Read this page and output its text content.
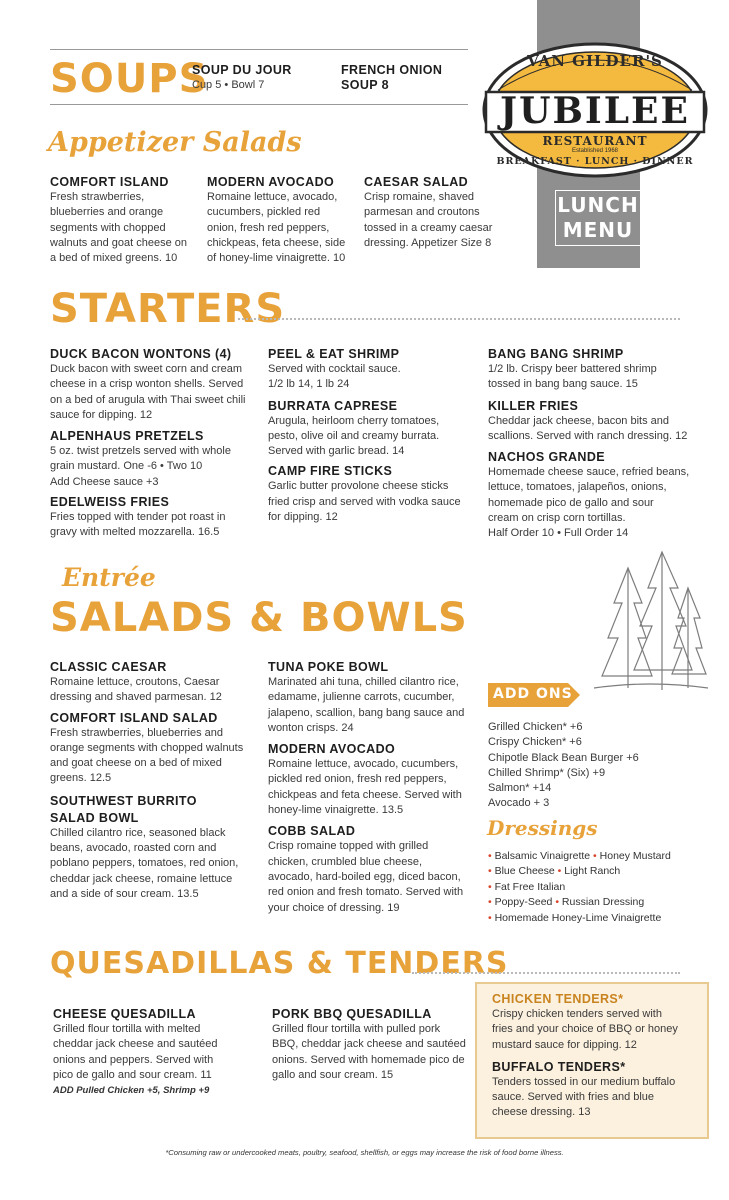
VAN GILDER'S
JUBILEE
RESTAURANT
Established 1968
BREAKFAST · LUNCH · DINNER
LUNCH
MENU
SOUPS
SOUP DU JOUR
Cup 5 • Bowl 7
FRENCH ONION
SOUP 8
Appetizer Salads
COMFORT ISLAND
Fresh strawberries,
blueberries and orange
segments with chopped
walnuts and goat cheese on
a bed of mixed greens. 10
MODERN AVOCADO
Romaine lettuce, avocado,
cucumbers, pickled red
onion, fresh red peppers,
chickpeas, feta cheese, side
of honey-lime vinaigrette. 10
CAESAR SALAD
Crisp romaine, shaved
parmesan and croutons
tossed in a creamy caesar
dressing. Appetizer Size 8
STARTERS
DUCK BACON WONTONS (4)
Duck bacon with sweet corn and cream
cheese in a crisp wonton shells. Served
on a bed of arugula with Thai sweet chili
sauce for dipping. 12
ALPENHAUS PRETZELS
5 oz. twist pretzels served with whole
grain mustard. One -6 • Two 10
Add Cheese sauce +3
EDELWEISS FRIES
Fries topped with tender pot roast in
gravy with melted mozzarella. 16.5
PEEL & EAT SHRIMP
Served with cocktail sauce.
1/2 lb 14, 1 lb 24
BURRATA CAPRESE
Arugula, heirloom cherry tomatoes,
pesto, olive oil and creamy burrata.
Served with garlic bread. 14
CAMP FIRE STICKS
Garlic butter provolone cheese sticks
fried crisp and served with vodka sauce
for dipping. 12
BANG BANG SHRIMP
1/2 lb. Crispy beer battered shrimp
tossed in bang bang sauce. 15
KILLER FRIES
Cheddar jack cheese, bacon bits and
scallions. Served with ranch dressing. 12
NACHOS GRANDE
Homemade cheese sauce, refried beans,
lettuce, tomatoes, jalapeños, onions,
homemade pico de gallo and sour
cream on crisp corn tortillas.
Half Order 10 • Full Order 14
Entrée
SALADS & BOWLS
CLASSIC CAESAR
Romaine lettuce, croutons, Caesar
dressing and shaved parmesan. 12
COMFORT ISLAND SALAD
Fresh strawberries, blueberries and
orange segments with chopped walnuts
and goat cheese on a bed of mixed
greens. 12.5
SOUTHWEST BURRITO
SALAD BOWL
Chilled cilantro rice, seasoned black
beans, avocado, roasted corn and
poblano peppers, tomatoes, red onion,
cheddar jack cheese, romaine lettuce
and a side of sour cream. 13.5
TUNA POKE BOWL
Marinated ahi tuna, chilled cilantro rice,
edamame, julienne carrots, cucumber,
jalapeno, scallion, bang bang sauce and
wonton crisps. 24
MODERN AVOCADO
Romaine lettuce, avocado, cucumbers,
pickled red onion, fresh red peppers,
chickpeas and feta cheese. Served with
honey-lime vinaigrette. 13.5
COBB SALAD
Crisp romaine topped with grilled
chicken, crumbled blue cheese,
avocado, hard-boiled egg, diced bacon,
red onion and fresh tomato. Served with
your choice of dressing. 19
ADD ONS
Grilled Chicken* +6
Crispy Chicken* +6
Chipotle Black Bean Burger +6
Chilled Shrimp* (Six) +9
Salmon* +14
Avocado + 3
Dressings
• Balsamic Vinaigrette • Honey Mustard
• Blue Cheese • Light Ranch
• Fat Free Italian
• Poppy-Seed • Russian Dressing
• Homemade Honey-Lime Vinaigrette
QUESADILLAS & TENDERS
CHEESE QUESADILLA
Grilled flour tortilla with melted
cheddar jack cheese and sautéed
onions and peppers. Served with
pico de gallo and sour cream. 11
ADD Pulled Chicken +5, Shrimp +9
PORK BBQ QUESADILLA
Grilled flour tortilla with pulled pork
BBQ, cheddar jack cheese and sautéed
onions. Served with homemade pico de
gallo and sour cream. 15
CHICKEN TENDERS*
Crispy chicken tenders served with
fries and your choice of BBQ or honey
mustard sauce for dipping. 12
BUFFALO TENDERS*
Tenders tossed in our medium buffalo
sauce. Served with fries and blue
cheese dressing. 13
*Consuming raw or undercooked meats, poultry, seafood, shellfish, or eggs may increase the risk of food borne illness.
